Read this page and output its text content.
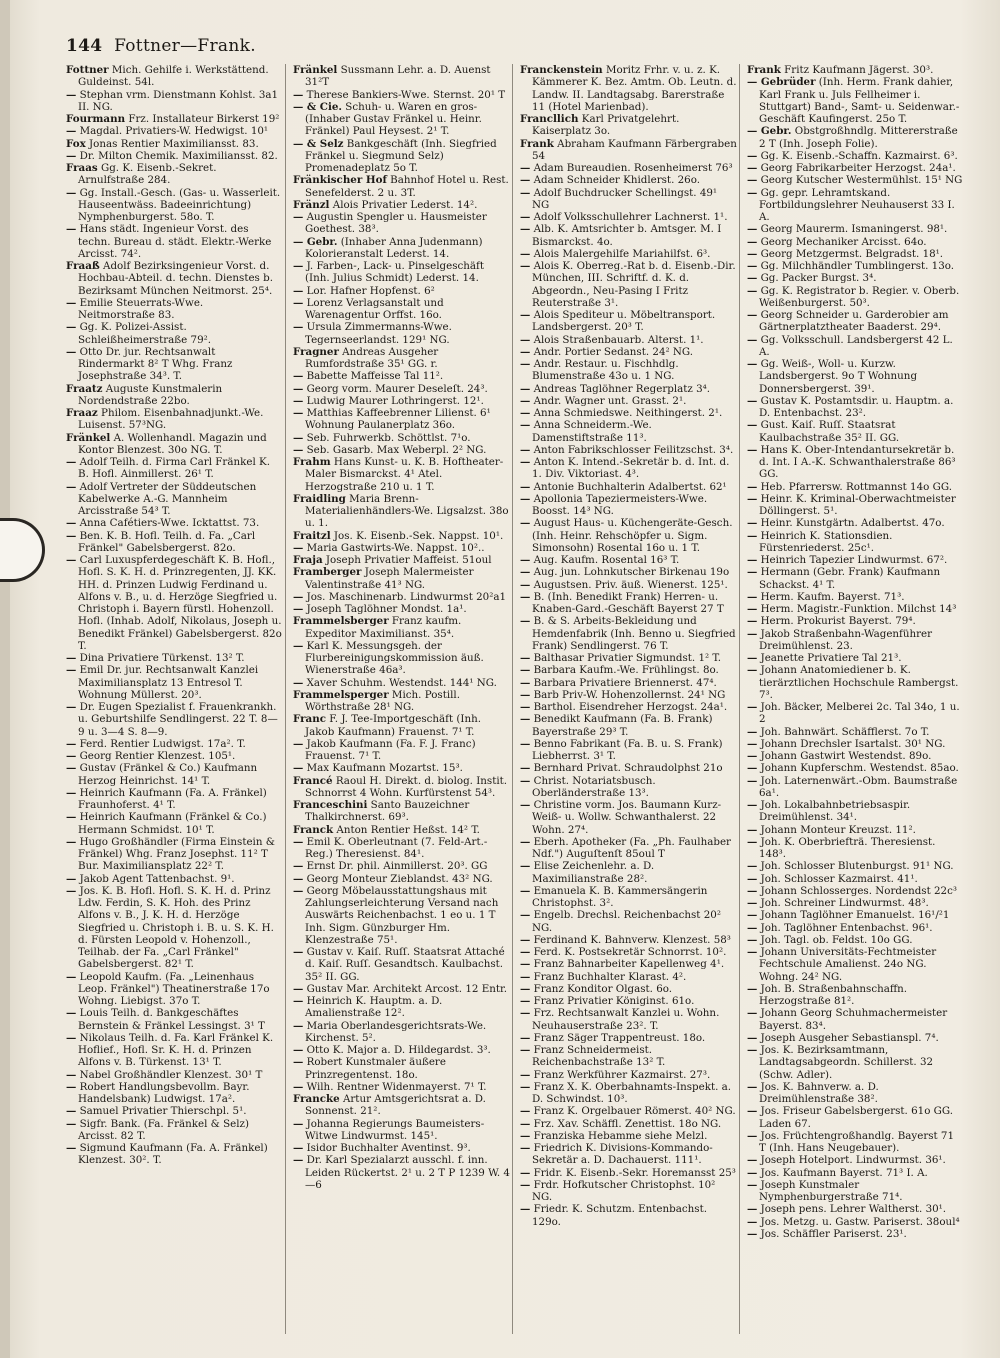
144 Fottner—Frank.

Fottner Mich. Gehilfe i. Werkstättend. Guldeinst. 54l.

— Stephan vrm. Dienstmann Kohlst. 3a1 II. NG.

Fourmann Frz. Installateur Birkerst 19²

— Magdal. Privatiers-W. Hedwigst. 10¹

Fox Jonas Rentier Maximiliansst. 83.

— Dr. Milton Chemik. Maximiliansst. 82.

Fraas Gg. K. Eisenb.-Sekret. Arnulfstraße 284.

— Gg. Install.-Gesch. (Gas- u. Wasserleit. Hauseentwäss. Badeeinrichtung) Nymphenburgerst. 58o. T.

— Hans städt. Ingenieur Vorst. des techn. Bureau d. städt. Elektr.-Werke Arcisst. 74².

Fraaß Adolf Bezirksingenieur Vorst. d. Hochbau-Abteil. d. techn. Dienstes b. Bezirksamt München Neitmorst. 25⁴.

— Emilie Steuerrats-Wwe. Neitmorstraße 83.

— Gg. K. Polizei-Assist. Schleißheimerstraße 79².

— Otto Dr. jur. Rechtsanwalt Rindermarkt 8² T Whg. Franz Josephstraße 34³. T.

Fraatz Auguste Kunstmalerin Nordendstraße 22bo.

Fraaz Philom. Eisenbahnadjunkt.-We. Luisenst. 57³NG.

Fränkel A. Wollenhandl. Magazin und Kontor Blenzest. 30o NG. T.

— Adolf Teilh. d. Firma Carl Fränkel K. B. Hofl. Ainmillerst. 26¹ T.

— Adolf Vertreter der Süddeutschen Kabelwerke A.-G. Mannheim Arcisstraße 54³ T.

— Anna Cafétiers-Wwe. Icktattst. 73.

— Ben. K. B. Hofl. Teilh. d. Fa. „Carl Fränkel" Gabelsbergerst. 82o.

— Carl Luxuspferdegeschäft K. B. Hofl., Hofl. S. K. H. d. Prinzregenten, JJ. KK. HH. d. Prinzen Ludwig Ferdinand u. Alfons v. B., u. d. Herzöge Siegfried u. Christoph i. Bayern fürstl. Hohenzoll. Hofl. (Inhab. Adolf, Nikolaus, Joseph u. Benedikt Fränkel) Gabelsbergerst. 82o T.

— Dina Privatiere Türkenst. 13² T.

— Emil Dr. jur. Rechtsanwalt Kanzlei Maximiliansplatz 13 Entresol T. Wohnung Müllerst. 20³.

— Dr. Eugen Spezialist f. Frauenkrankh. u. Geburtshilfe Sendlingerst. 22 T. 8—9 u. 3—4 S. 8—9.

— Ferd. Rentier Ludwigst. 17a². T.

— Georg Rentier Klenzest. 105¹.

— Gustav (Fränkel & Co.) Kaufmann Herzog Heinrichst. 14¹ T.

— Heinrich Kaufmann (Fa. A. Fränkel) Fraunhoferst. 4¹ T.

— Heinrich Kaufmann (Fränkel & Co.) Hermann Schmidst. 10¹ T.

— Hugo Großhändler (Firma Einstein & Fränkel) Whg. Franz Josephst. 11² T Bur. Maximiliansplatz 22² T.

— Jakob Agent Tattenbachst. 9¹.

— Jos. K. B. Hofl. Hofl. S. K. H. d. Prinz Ldw. Ferdin, S. K. Hoh. des Prinz Alfons v. B., J. K. H. d. Herzöge Siegfried u. Christoph i. B. u. S. K. H. d. Fürsten Leopold v. Hohenzoll., Teilhab. der Fa. „Carl Fränkel" Gabelsbergerst. 82¹ T.

— Leopold Kaufm. (Fa. „Leinenhaus Leop. Fränkel") Theatinerstraße 17o Wohng. Liebigst. 37o T.

— Louis Teilh. d. Bankgeschäftes Bernstein & Fränkel Lessingst. 3¹ T

— Nikolaus Teilh. d. Fa. Karl Fränkel K. Hoflief., Hofl. Sr. K. H. d. Prinzen Alfons v. B. Türkenst. 13¹ T.

— Nabel Großhändler Klenzest. 30¹ T

— Robert Handlungsbevollm. Bayr. Handelsbank) Ludwigst. 17a².

— Samuel Privatier Thierschpl. 5¹.

— Sigfr. Bank. (Fa. Fränkel & Selz) Arcisst. 82 T.

— Sigmund Kaufmann (Fa. A. Fränkel) Klenzest. 30². T.

Fränkel Sussmann Lehr. a. D. Auenst 31²T

— Therese Bankiers-Wwe. Sternst. 20¹ T

— & Cie. Schuh- u. Waren en gros- (Inhaber Gustav Fränkel u. Heinr. Fränkel) Paul Heysest. 2¹ T.

— & Selz Bankgeschäft (Inh. Siegfried Fränkel u. Siegmund Selz) Promenadeplatz 5o T.

Fränkischer Hof Bahnhof Hotel u. Rest. Senefelderst. 2 u. 3T.

Fränzl Alois Privatier Lederst. 14².

— Augustin Spengler u. Hausmeister Goethest. 38³.

— Gebr. (Inhaber Anna Judenmann) Kolorieranstalt Lederst. 14.

— J. Farben-, Lack- u. Pinselgeschäft (Inh. Julius Schmidt) Lederst. 14.

— Lor. Hafner Hopfenst. 6²

— Lorenz Verlagsanstalt und Warenagentur Orffst. 16o.

— Ursula Zimmermanns-Wwe. Tegernseerlandst. 129¹ NG.

Fragner Andreas Ausgeher Rumfordstraße 35¹ GG. r.

— Babette Maffeisse Tal 11².

— Georg vorm. Maurer Deseleſt. 24³.

— Ludwig Maurer Lothringerst. 12¹.

— Matthias Kaffeebrenner Lilienst. 6¹ Wohnung Paulanerplatz 36o.

— Seb. Fuhrwerkb. Schöttlst. 7¹o.

— Seb. Gasarb. Max Weberpl. 2² NG.

Frahm Hans Kunst- u. K. B. Hoftheater-Maler Bismarckst. 4¹ Atel. Herzogstraße 210 u. 1 T.

Fraidling Maria Brenn-Materialienhändlers-We. Ligsalzst. 38o u. 1.

Fraitzl Jos. K. Eisenb.-Sek. Nappst. 10¹.

— Maria Gastwirts-We. Nappst. 10²..

Fraja Joseph Privatier Maffeist. 51oul

Framberger Joseph Malermeister Valentinstraße 41³ NG.

— Jos. Maschinenarb. Lindwurmst 20²a1

— Joseph Taglöhner Mondst. 1a¹.

Frammelsberger Franz kaufm. Expeditor Maximilianst. 35⁴.

— Karl K. Messungsgeh. der Flurbereinigungskommission äuß. Wienerstraße 46a³.

— Xaver Schuhm. Westendst. 144¹ NG.

Frammelsperger Mich. Postill. Wörthstraße 28¹ NG.

Franc F. J. Tee-Importgeschäft (Inh. Jakob Kaufmann) Frauenst. 7¹ T.

— Jakob Kaufmann (Fa. F. J. Franc) Frauenst. 7¹ T.

— Max Kaufmann Mozartst. 15³.

Francé Raoul H. Direkt. d. biolog. Instit. Schnorrst 4 Wohn. Kurfürstenst 54³.

Franceschini Santo Bauzeichner Thalkirchnerst. 69³.

Franck Anton Rentier Heßst. 14² T.

— Emil K. Oberleutnant (7. Feld-Art.-Reg.) Theresienst. 84¹.

— Ernst Dr. phil. Ainmillerst. 20³. GG

— Georg Monteur Zieblandst. 43² NG.

— Georg Möbelausstattungshaus mit Zahlungserleichterung Versand nach Auswärts Reichenbachst. 1 eo u. 1 T Inh. Sigm. Günzburger Hm. Klenzestraße 75¹.

— Gustav v. Kaiſ. Ruſſ. Staatsrat Attaché d. Kaiſ. Ruſſ. Gesandtsch. Kaulbachst. 35² II. GG.

— Gustav Mar. Architekt Arcost. 12 Entr.

— Heinrich K. Hauptm. a. D. Amalienstraße 12².

— Maria Oberlandesgerichtsrats-We. Kirchenst. 5².

— Otto K. Major a. D. Hildegardst. 3³.

— Robert Kunstmaler äußere Prinzregentenst. 18o.

— Wilh. Rentner Widenmayerst. 7¹ T.

Francke Artur Amtsgerichtsrat a. D. Sonnenst. 21².

— Johanna Regierungs Baumeisters-Witwe Lindwurmst. 145¹.

— Isidor Buchhalter Aventinst. 9³.

— Dr. Karl Spezialarzt ausschl. f. inn. Leiden Rückertst. 2¹ u. 2 T P 1239 W. 4—6

Franckenstein Moritz Frhr. v. u. z. K. Kämmerer K. Bez. Amtm. Ob. Leutn. d. Landw. II. Landtagsabg. Barerstraße 11 (Hotel Marienbad).

Francllich Karl Privatgelehrt. Kaiserplatz 3o.

Frank Abraham Kaufmann Färbergraben 54

— Adam Bureaudien. Rosenheimerst 76³

— Adam Schneider Khidlerst. 26o.

— Adolf Buchdrucker Schellingst. 49¹ NG

— Adolf Volksschullehrer Lachnerst. 1¹.

— Alb. K. Amtsrichter b. Amtsger. M. I Bismarckst. 4o.

— Alois Malergehilfe Mariahilfst. 6³.

— Alois K. Oberreg.-Rat b. d. Eisenb.-Dir. München, III. Schriftf. d. K. d. Abgeordn., Neu-Pasing I Fritz Reuterstraße 3¹.

— Alois Spediteur u. Möbeltransport. Landsbergerst. 20³ T.

— Alois Straßenbauarb. Alterst. 1¹.

— Andr. Portier Sedanst. 24² NG.

— Andr. Restaur. u. Fischhdlg. Blumenstraße 43o u. 1 NG.

— Andreas Taglöhner Regerplatz 3⁴.

— Andr. Wagner unt. Grasst. 2¹.

— Anna Schmiedswe. Neithingerst. 2¹.

— Anna Schneiderm.-We. Damenstiftstraße 11³.

— Anton Fabrikschlosser Feilitzschst. 3⁴.

— Anton K. Intend.-Sekretär b. d. Int. d. 1. Div. Viktoriast. 4³.

— Antonie Buchhalterin Adalbertst. 62¹

— Apollonia Tapeziermeisters-Wwe. Boosst. 14³ NG.

— August Haus- u. Küchengeräte-Gesch. (Inh. Heinr. Rehschöpfer u. Sigm. Simonsohn) Rosental 16o u. 1 T.

— Aug. Kaufm. Rosental 16³ T.

— Aug. jun. Lohnkutscher Birkenau 19o

— Augustsen. Priv. äuß. Wienerst. 125¹.

— B. (Inh. Benedikt Frank) Herren- u. Knaben-Gard.-Geschäft Bayerst 27 T

— B. & S. Arbeits-Bekleidung und Hemdenfabrik (Inh. Benno u. Siegfried Frank) Sendlingerst. 76 T.

— Balthasar Privatier Sigmundst. 1² T.

— Barbara Kaufm.-We. Frühlingst. 8o.

— Barbara Privatiere Briennerst. 47⁴.

— Barb Priv-W. Hohenzollernst. 24¹ NG

— Barthol. Eisendreher Herzogst. 24a¹.

— Benedikt Kaufmann (Fa. B. Frank) Bayerstraße 29³ T.

— Benno Fabrikant (Fa. B. u. S. Frank) Liebherrst. 3¹ T.

— Bernhard Privat. Schraudolphst 21o

— Christ. Notariatsbusch. Oberländerstraße 13³.

— Christine vorm. Jos. Baumann Kurz- Weiß- u. Wollw. Schwanthalerst. 22 Wohn. 27⁴.

— Eberh. Apotheker (Fa. „Ph. Faulhaber Ndf.") Auguſtenſt 85oul T

— Elise Zeichenlehr. a. D. Maximilianstraße 28².

— Emanuela K. B. Kammersängerin Christophst. 3².

— Engelb. Drechsl. Reichenbachst 20² NG.

— Ferdinand K. Bahnverw. Klenzest. 58³

— Ferd. K. Postsekretär Schnorrst. 10².

— Franz Bahnarbeiter Kapellenweg 4¹.

— Franz Buchhalter Klarast. 4².

— Franz Konditor Olgast. 6o.

— Franz Privatier Königinst. 61o.

— Frz. Rechtsanwalt Kanzlei u. Wohn. Neuhauserstraße 23². T.

— Franz Säger Trappentreust. 18o.

— Franz Schneidermeist. Reichenbachstraße 13² T.

— Franz Werkführer Kazmairst. 27³.

— Franz X. K. Oberbahnamts-Inspekt. a. D. Schwindst. 10³.

— Franz K. Orgelbauer Römerst. 40² NG.

— Frz. Xav. Schäffl. Zenettist. 18o NG.

— Franziska Hebamme siehe Melzl.

— Friedrich K. Divisions-Kommando-Sekretär a. D. Dachauerst. 111¹.

— Fridr. K. Eisenb.-Sekr. Horemansst 25³

— Frdr. Hofkutscher Christophst. 10² NG.

— Friedr. K. Schutzm. Entenbachst. 129o.

Frank Fritz Kaufmann Jägerst. 30³.

— Gebrüder (Inh. Herm. Frank dahier, Karl Frank u. Juls Fellheimer i. Stuttgart) Band-, Samt- u. Seidenwar.-Geschäft Kaufingerst. 25o T.

— Gebr. Obstgroßhndlg. Mittererstraße 2 T (Inh. Joseph Folie).

— Gg. K. Eisenb.-Schaffn. Kazmairst. 6³.

— Georg Fabrikarbeiter Herzogst. 24a¹.

— Georg Kutscher Westermühlst. 15¹ NG

— Gg. gepr. Lehramtskand. Fortbildungslehrer Neuhauserst 33 I. A.

— Georg Maurerm. Ismaningerst. 98¹.

— Georg Mechaniker Arcisst. 64o.

— Georg Metzgermst. Belgradst. 18¹.

— Gg. Milchhändler Tumblingerst. 13o.

— Gg. Packer Burgst. 3⁴.

— Gg. K. Registrator b. Regier. v. Oberb. Weißenburgerst. 50³.

— Georg Schneider u. Garderobier am Gärtnerplatztheater Baaderst. 29⁴.

— Gg. Volksschull. Landsbergerst 42 L. A.

— Gg. Weiß-, Woll- u. Kurzw. Landsbergerst. 9o T Wohnung Donnersbergerst. 39¹.

— Gustav K. Postamtsdir. u. Hauptm. a. D. Entenbachst. 23².

— Gust. Kaiſ. Ruſſ. Staatsrat Kaulbachstraße 35² II. GG.

— Hans K. Ober-Intendantursekretär b. d. Int. I A.-K. Schwanthalerstraße 86³ GG.

— Heb. Pfarrersw. Rottmannst 14o GG.

— Heinr. K. Kriminal-Oberwachtmeister Döllingerst. 5¹.

— Heinr. Kunstgärtn. Adalbertst. 47o.

— Heinrich K. Stationsdien. Fürstenriederst. 25c¹.

— Heinrich Tapezier Lindwurmst. 67².

— Hermann (Gebr. Frank) Kaufmann Schackst. 4¹ T.

— Herm. Kaufm. Bayerst. 71³.

— Herm. Magistr.-Funktion. Milchst 14³

— Herm. Prokurist Bayerst. 79⁴.

— Jakob Straßenbahn-Wagenführer Dreimühlenst. 23.

— Jeanette Privatiere Tal 21³.

— Johann Anatomiediener b. K. tierärztlichen Hochschule Rambergst. 7³.

— Joh. Bäcker, Melberei 2c. Tal 34o, 1 u. 2

— Joh. Bahnwärt. Schäfflerst. 7o T.

— Johann Drechsler Isartalst. 30¹ NG.

— Johann Gastwirt Westendst. 89o.

— Johann Kupferschm. Westendst. 85ao.

— Joh. Laternenwärt.-Obm. Baumstraße 6a¹.

— Joh. Lokalbahnbetriebsaspir. Dreimühlenst. 34¹.

— Johann Monteur Kreuzst. 11².

— Joh. K. Oberbriefträ. Theresienst. 148³.

— Joh. Schlosser Blutenburgst. 91¹ NG.

— Joh. Schlosser Kazmairst. 41¹.

— Johann Schlosserges. Nordendst 22c³

— Joh. Schreiner Lindwurmst. 48³.

— Johann Taglöhner Emanuelst. 16¹/²1

— Joh. Taglöhner Entenbachst. 96¹.

— Joh. Tagl. ob. Feldst. 10o GG.

— Johann Universitäts-Fechtmeister Fechtschule Amalienst. 24o NG. Wohng. 24² NG.

— Joh. B. Straßenbahnschaffn. Herzogstraße 81².

— Johann Georg Schuhmachermeister Bayerst. 83⁴.

— Joseph Ausgeher Sebastianspl. 7⁴.

— Jos. K. Bezirksamtmann, Landtagsabgeordn. Schillerst. 32 (Schw. Adler).

— Jos. K. Bahnverw. a. D. Dreimühlenstraße 38².

— Jos. Friseur Gabelsbergerst. 61o GG. Laden 67.

— Jos. Früchtengroßhandlg. Bayerst 71 T (Inh. Hans Neugebauer).

— Joseph Hotelport. Lindwurmst. 36¹.

— Jos. Kaufmann Bayerst. 71³ I. A.

— Joseph Kunstmaler Nymphenburgerstraße 71⁴.

— Joseph pens. Lehrer Waltherst. 30¹.

— Jos. Metzg. u. Gastw. Pariserst. 38oul⁴

— Jos. Schäffler Pariserst. 23¹.
